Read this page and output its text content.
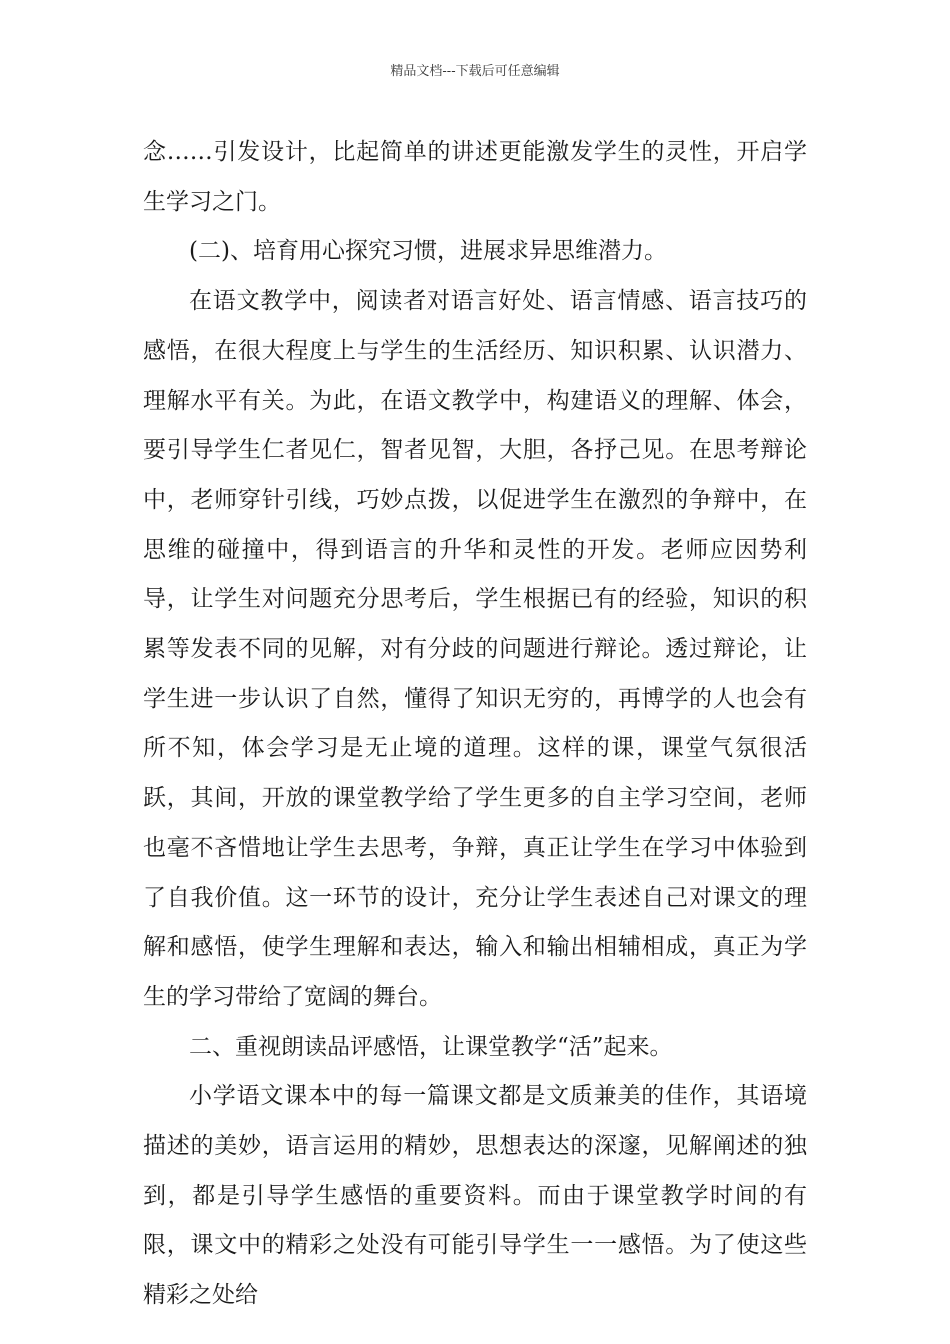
精品文档---下载后可任意编辑

念……引发设计，比起简单的讲述更能激发学生的灵性，开启学生学习之门。

(二)、培育用心探究习惯，进展求异思维潜力。

在语文教学中，阅读者对语言好处、语言情感、语言技巧的感悟，在很大程度上与学生的生活经历、知识积累、认识潜力、理解水平有关。为此，在语文教学中，构建语义的理解、体会，要引导学生仁者见仁，智者见智，大胆，各抒己见。在思考辩论中，老师穿针引线，巧妙点拨，以促进学生在激烈的争辩中，在思维的碰撞中，得到语言的升华和灵性的开发。老师应因势利导，让学生对问题充分思考后，学生根据已有的经验，知识的积累等发表不同的见解，对有分歧的问题进行辩论。透过辩论，让学生进一步认识了自然，懂得了知识无穷的，再博学的人也会有所不知，体会学习是无止境的道理。这样的课，课堂气氛很活跃，其间，开放的课堂教学给了学生更多的自主学习空间，老师也毫不吝惜地让学生去思考，争辩，真正让学生在学习中体验到了自我价值。这一环节的设计，充分让学生表述自己对课文的理解和感悟，使学生理解和表达，输入和输出相辅相成，真正为学生的学习带给了宽阔的舞台。

二、重视朗读品评感悟，让课堂教学“活”起来。

小学语文课本中的每一篇课文都是文质兼美的佳作，其语境描述的美妙，语言运用的精妙，思想表达的深邃，见解阐述的独到，都是引导学生感悟的重要资料。而由于课堂教学时间的有限，课文中的精彩之处没有可能引导学生一一感悟。为了使这些精彩之处给
